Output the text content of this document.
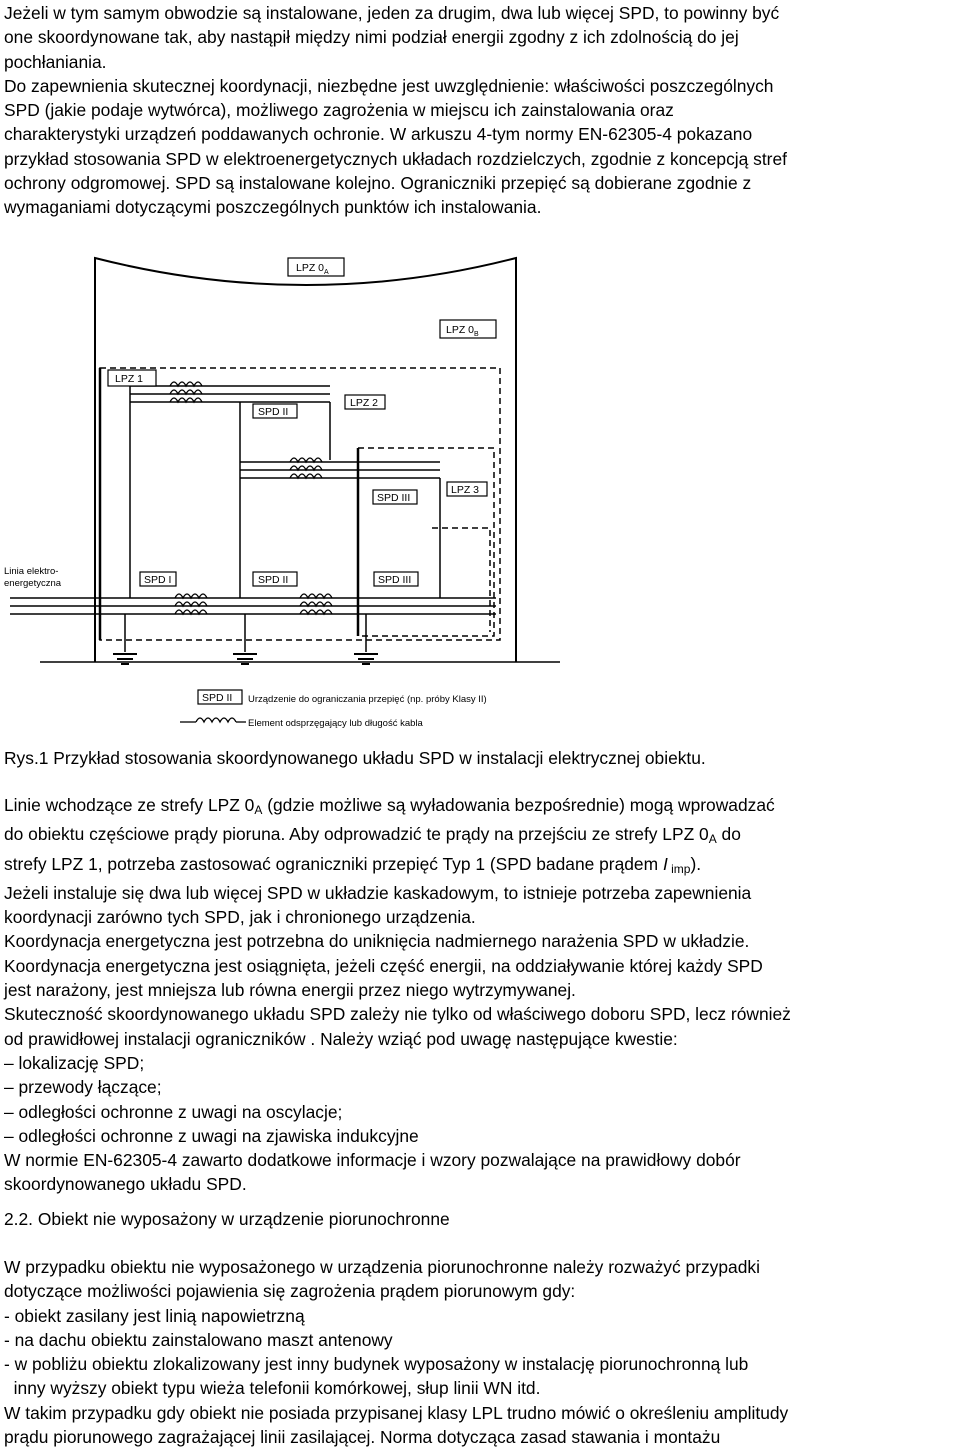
Jeżeli w tym samym obwodzie są instalowane, jeden za drugim, dwa lub więcej SPD, to powinny być

one skoordynowane tak, aby nastąpił między nimi podział energii zgodny z ich zdolnością do jej

pochłaniania.

Do zapewnienia skutecznej koordynacji, niezbędne jest uwzględnienie: właściwości poszczególnych

SPD (jakie podaje wytwórca), możliwego zagrożenia w miejscu ich zainstalowania oraz

charakterystyki urządzeń poddawanych ochronie. W arkuszu 4-tym normy EN-62305-4 pokazano

przykład stosowania SPD w elektroenergetycznych układach rozdzielczych, zgodnie z koncepcją stref

ochrony odgromowej. SPD są instalowane kolejno. Ograniczniki przepięć są dobierane zgodnie z

wymaganiami dotyczącymi poszczególnych punktów ich instalowania.

LPZ $0_A$
LPZ $0_B$
LPZ 1
SPD II
LPZ 2
SPD III
LPZ 3
SPD I	SPD II	SPD III
Linia elektro-
energetyczna
SPD II Urządzenie do ograniczania przepięć (np. próby Klasy II)
Element odsprzęgający lub długość kabla
Rys.1 Przykład stosowania skoordynowanego układu SPD w instalacji elektrycznej obiektu.

Linie wchodzące ze strefy LPZ $0_A$ (gdzie możliwe są wyładowania bezpośrednie) mogą wprowadzać

do obiektu częściowe prądy pioruna. Aby odprowadzić te prądy na przejściu ze strefy LPZ $0_A$ do

strefy LPZ 1, potrzeba zastosować ograniczniki przepięć Typ 1 (SPD badane prądem I $_{imp}$).

Jeżeli instaluje się dwa lub więcej SPD w układzie kaskadowym, to istnieje potrzeba zapewnienia

koordynacji zarówno tych SPD, jak i chronionego urządzenia.

Koordynacja energetyczna jest potrzebna do uniknięcia nadmiernego narażenia SPD w układzie.

Koordynacja energetyczna jest osiągnięta, jeżeli część energii, na oddziaływanie której każdy SPD

jest narażony, jest mniejsza lub równa energii przez niego wytrzymywanej.

Skuteczność skoordynowanego układu SPD zależy nie tylko od właściwego doboru SPD, lecz również

od prawidłowej instalacji ograniczników . Należy wziąć pod uwagę następujące kwestie:

– lokalizację SPD;

– przewody łączące;

– odległości ochronne z uwagi na oscylacje;

– odległości ochronne z uwagi na zjawiska indukcyjne

W normie EN-62305-4 zawarto dodatkowe informacje i wzory pozwalające na prawidłowy dobór

skoordynowanego układu SPD.

2.2. Obiekt nie wyposażony w urządzenie piorunochronne

W przypadku obiektu nie wyposażonego w urządzenia piorunochronne należy rozważyć przypadki

dotyczące możliwości pojawienia się zagrożenia prądem piorunowym gdy:

- obiekt zasilany jest linią napowietrzną

- na dachu obiektu zainstalowano maszt antenowy

- w pobliżu obiektu zlokalizowany jest inny budynek wyposażony w instalację piorunochronną lub

inny wyższy obiekt typu wieża telefonii komórkowej, słup linii WN itd.

W takim przypadku gdy obiekt nie posiada przypisanej klasy LPL trudno mówić o określeniu amplitudy

prądu piorunowego zagrażającej linii zasilającej. Norma dotycząca zasad stawania i montażu
